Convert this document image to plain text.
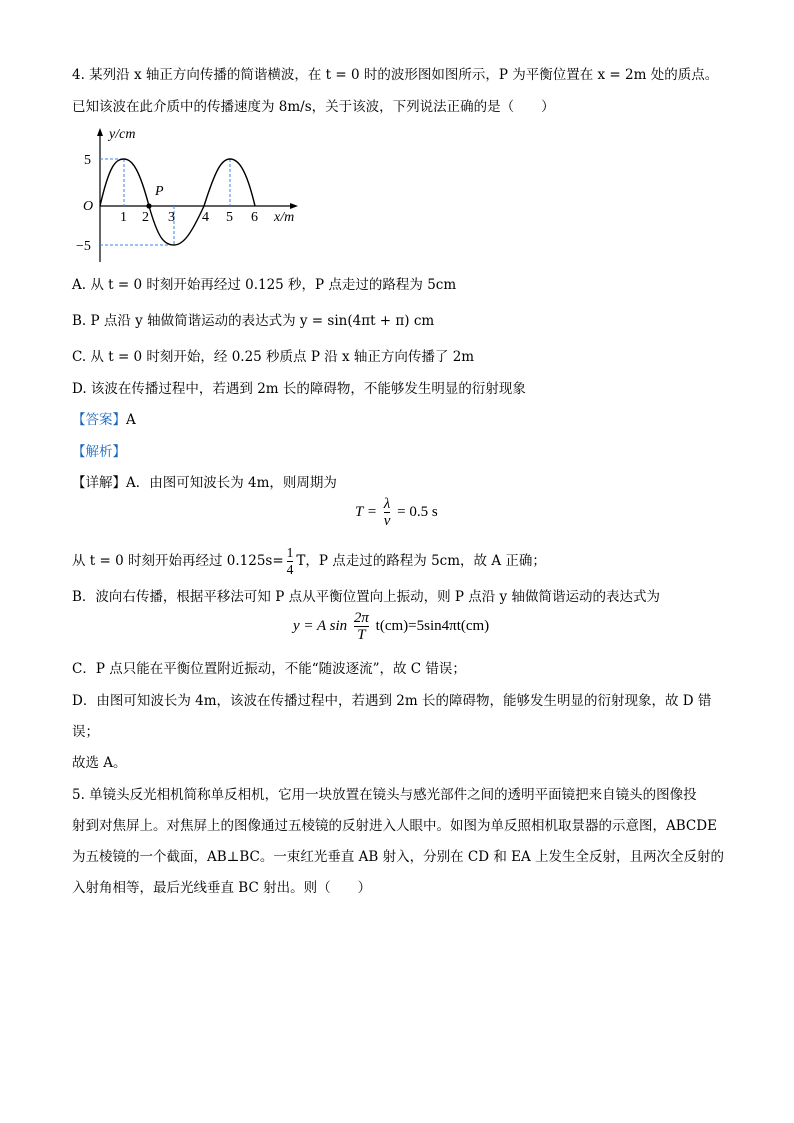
4. 某列沿 x 轴正方向传播的简谐横波，在 t = 0 时的波形图如图所示，P 为平衡位置在 x = 2m 处的质点。
已知该波在此介质中的传播速度为 8m/s，关于该波，下列说法正确的是（　　）
P
y/cm
x/m
O
5
−5
1 2 3 4 5 6
A. 从 t = 0 时刻开始再经过 0.125 秒，P 点走过的路程为 5cm
B. P 点沿 y 轴做简谐运动的表达式为 y = sin(4πt + π) cm
C. 从 t = 0 时刻开始，经 0.25 秒质点 P 沿 x 轴正方向传播了 2m
D. 该波在传播过程中，若遇到 2m 长的障碍物，不能够发生明显的衍射现象
【答案】A
【解析】
【详解】A．由图可知波长为 4m，则周期为
$T = \frac{\lambda}{v} = 0.5$ s
从 t = 0 时刻开始再经过 $0.125s= \frac{1}{4}$ T，P 点走过的路程为 5cm，故 A 正确；
B．波向右传播，根据平移法可知 P 点从平衡位置向上振动，则 P 点沿 y 轴做简谐运动的表达式为
y = A $\sin \frac{2\pi}{T} t(cm)=5\sin 4\pi t(cm)$
C．P 点只能在平衡位置附近振动，不能“随波逐流”，故 C 错误；
D．由图可知波长为 4m，该波在传播过程中，若遇到 2m 长的障碍物，能够发生明显的衍射现象，故 D 错
误；
故选 A。
5. 单镜头反光相机简称单反相机，它用一块放置在镜头与感光部件之间的透明平面镜把来自镜头的图像投
射到对焦屏上。对焦屏上的图像通过五棱镜的反射进入人眼中。如图为单反照相机取景器的示意图，ABCDE
为五棱镜的一个截面，AB⊥BC。一束红光垂直 AB 射入，分别在 CD 和 EA 上发生全反射，且两次全反射的
入射角相等，最后光线垂直 BC 射出。则（　　）
